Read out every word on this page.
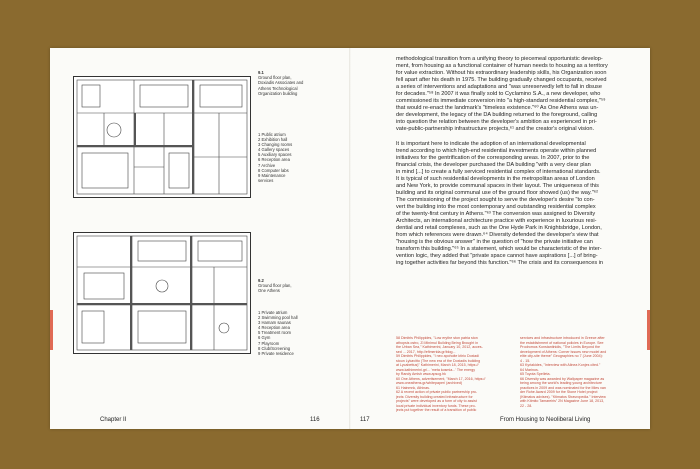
9.1
Ground floor plan,
Doxiadis Associates and
Athens Technological
Organization building
1 Public atrium
2 Exhibition hall
3 Changing rooms
4 Gallery spaces
5 Auxiliary spaces
6 Reception area
7 Archive
8 Computer labs
9 Maintenance
services
9.2
Ground floor plan,
One Athens
1 Private atrium
2 Swimming pool hall
3 Hamam saunas
4 Reception area
5 Treatment room
6 Gym
7 Playroom
8 Club/Screening
9 Private residence
Chapter II	116

methodological transition from a unifying theory to piecemeal opportunistic develop-
ment, from housing as a functional container of human needs to housing as a territory
for value extraction. Without his extraordinary leadership skills, his Organization soon
fell apart after his death in 1975. The building gradually changed occupants, received
a series of interventions and adaptations and "was unreservedly left to fall in disuse
for decades."⁵⁸ In 2007 it was finally sold to Cyclamino S.A., a new developer, who
commissioned its immediate conversion into "a high-standard residential complex,"⁵⁹
that would re-enact the landmark's "timeless existence."⁶⁰ As One Athens was un-
der development, the legacy of the DA building returned to the foreground, calling
into question the relation between the developer's ambition as experienced in pri-
vate-public-partnership infrastructure projects,⁶¹ and the creator's original vision.

It is important here to indicate the adoption of an international developmental
trend according to which high-end residential investments operate within planned
initiatives for the gentrification of the corresponding areas. In 2007, prior to the
financial crisis, the developer purchased the DA building "with a very clear plan
in mind [...] to create a fully serviced residential complex of international standards.
It is typical of such residential developments in the metropolitan areas of London
and New York, to provide communal spaces in their layout. The uniqueness of this
building and its original communal use of the ground floor showed (us) the way."⁶²
The commissioning of the project sought to serve the developer's desire "to con-
vert the building into the most contemporary and outstanding residential complex
of the twenty-first century in Athens."⁶³ The conversion was assigned to Diversity
Architects, an international architecture practice with experience in luxurious resi-
dential and retail complexes, such as the One Hyde Park in Knightsbridge, London,
from which references were drawn.⁶⁴ Diversity defended the developer's view that
"housing is the obvious answer" in the question of "how the private initiative can
transform this building."⁶⁵ In a statement, which would be characteristic of the inter-
vention logic, they added that "private space cannot have aspirations [...] of bring-
ing together activities far beyond this function."⁶⁶ The crisis and its consequences in

58 Dimitris Philippides, "Low erythe ston patria ston
athopsis ostro, Zi Minimul Building Being Brought in
the Urban Sea," Kathimerini, January 10, 2012, acces-
sed ... 2017, http://efimerida.gr/blog...
59 Dimitris Philippides, "I neo apohoite ktirio Doxiadi
stoun Lykavitto (The new era of the Doxiadis building
at Lycabettus)" Kathimerini, March 18, 2015, https://
www.kathimerini.gr/... 'meta kosmia...' The energy
by Randy Amish www.apscg.hk
60 One Athens, advertisement, "March 17, 2016, https://
www.oneathens.gr/whitepaper/ (archived)
61 Hainmnk, Athinas.
62 A recent action of private public partnership pro-
jects: Diversity building created infrastructure for
projects" were developed as a form of city to assist
local private individual inventory funds. These pro-
jects put together the result of a transition of public
services and infrastructure introduced in Greece after
the establishment of national policies in Europe. See
Prodromos Konstantinidis, "The Limits Beyond the
development of Athens: Corner Issues new model and
elite city-site theme" Geographies no 7 (June 2004):
4 - 15.
63 Kyriakides, "Interview with Alinea Konjes cited."
64 Marinos.
65 Toyota Spelleta.
66 Diversity was awarded by Wallpaper magazine as
being among the world's leading young architecture
practices in 2009 and was nominated for the Mies van
der Rohe Award 2009 for the Stone Hotel project
(Ktimatos advises). "Ktimatos Stravropedia." Interview
with Ktimito Tamareiris" 2N Magazine June 18, 2013,
22 - 28.
117	From Housing to Neoliberal Living
